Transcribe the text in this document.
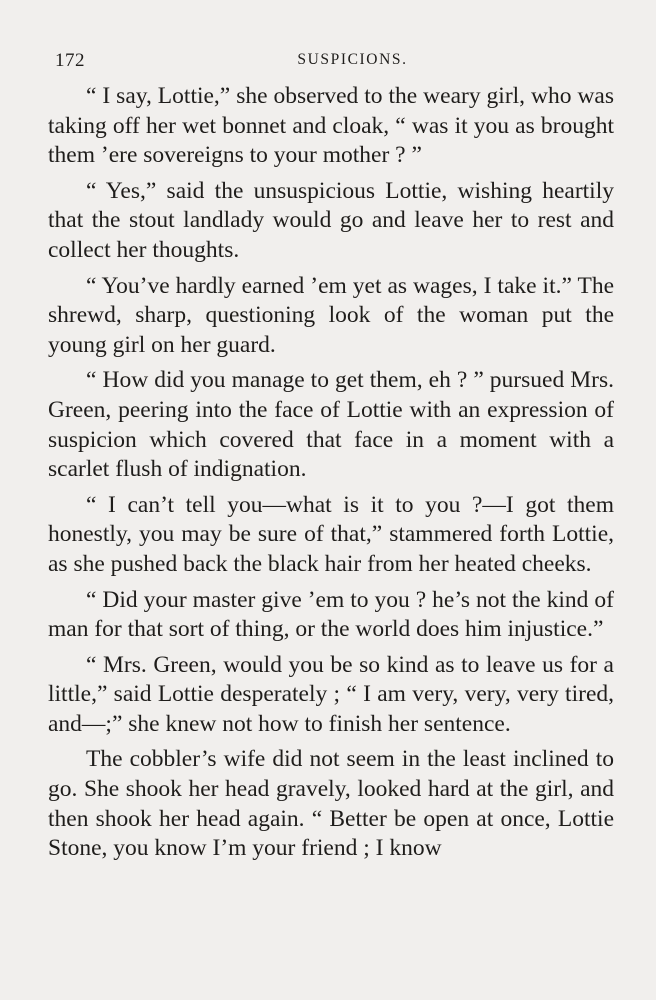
172	SUSPICIONS.

“ I say, Lottie,” she observed to the weary girl, who was taking off her wet bonnet and cloak, “ was it you as brought them ’ere sovereigns to your mother ? ”

“ Yes,” said the unsuspicious Lottie, wishing heartily that the stout landlady would go and leave her to rest and collect her thoughts.

“ You’ve hardly earned ’em yet as wages, I take it.” The shrewd, sharp, questioning look of the woman put the young girl on her guard.

“ How did you manage to get them, eh ? ” pursued Mrs. Green, peering into the face of Lottie with an expression of suspicion which covered that face in a moment with a scarlet flush of indignation.

“ I can’t tell you—what is it to you ?—I got them honestly, you may be sure of that,” stammered forth Lottie, as she pushed back the black hair from her heated cheeks.

“ Did your master give ’em to you ? he’s not the kind of man for that sort of thing, or the world does him injustice.”

“ Mrs. Green, would you be so kind as to leave us for a little,” said Lottie desperately ; “ I am very, very, very tired, and—;” she knew not how to finish her sentence.

The cobbler’s wife did not seem in the least inclined to go. She shook her head gravely, looked hard at the girl, and then shook her head again. “ Better be open at once, Lottie Stone, you know I’m your friend ; I know
